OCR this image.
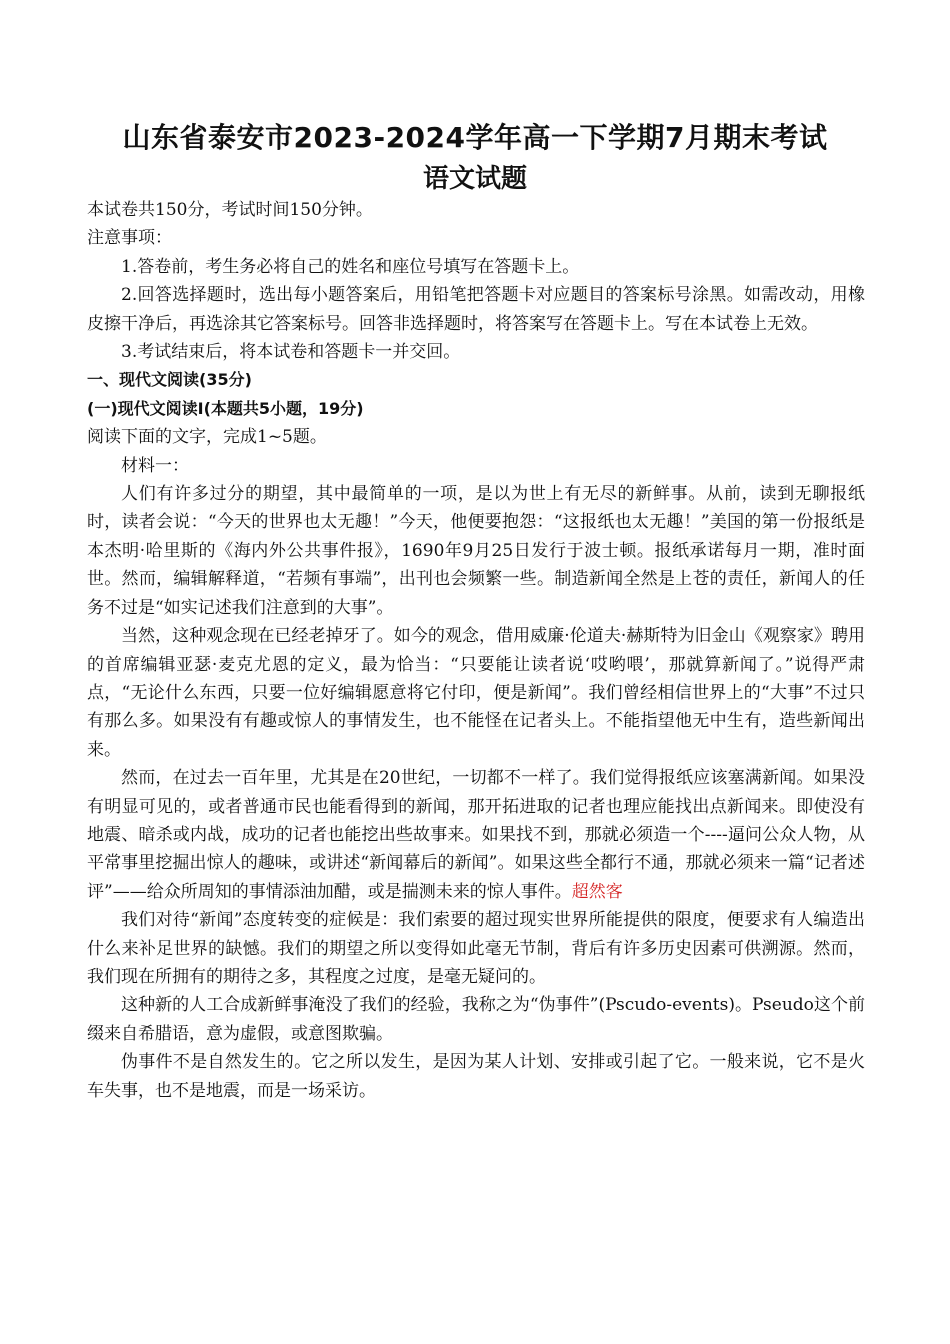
山东省泰安市2023-2024学年高一下学期7月期末考试
语文试题

本试卷共150分，考试时间150分钟。

注意事项：

1.答卷前，考生务必将自己的姓名和座位号填写在答题卡上。

2.回答选择题时，选出每小题答案后，用铅笔把答题卡对应题目的答案标号涂黑。如需改动，用橡皮擦干净后，再选涂其它答案标号。回答非选择题时，将答案写在答题卡上。写在本试卷上无效。

3.考试结束后，将本试卷和答题卡一并交回。

一、现代文阅读(35分)

(一)现代文阅读Ⅰ(本题共5小题，19分)

阅读下面的文字，完成1~5题。

材料一：

人们有许多过分的期望，其中最简单的一项，是以为世上有无尽的新鲜事。从前，读到无聊报纸时，读者会说：“今天的世界也太无趣！”今天，他便要抱怨：“这报纸也太无趣！”美国的第一份报纸是本杰明·哈里斯的《海内外公共事件报》，1690年9月25日发行于波士顿。报纸承诺每月一期，准时面世。然而，编辑解释道，“若频有事端”，出刊也会频繁一些。制造新闻全然是上苍的责任，新闻人的任务不过是“如实记述我们注意到的大事”。

当然，这种观念现在已经老掉牙了。如今的观念，借用威廉·伦道夫·赫斯特为旧金山《观察家》聘用的首席编辑亚瑟·麦克尤恩的定义，最为恰当：“只要能让读者说‘哎哟喂’，那就算新闻了。”说得严肃点，“无论什么东西，只要一位好编辑愿意将它付印，便是新闻”。我们曾经相信世界上的“大事”不过只有那么多。如果没有有趣或惊人的事情发生，也不能怪在记者头上。不能指望他无中生有，造些新闻出来。

然而，在过去一百年里，尤其是在20世纪，一切都不一样了。我们觉得报纸应该塞满新闻。如果没有明显可见的，或者普通市民也能看得到的新闻，那开拓进取的记者也理应能找出点新闻来。即使没有地震、暗杀或内战，成功的记者也能挖出些故事来。如果找不到，那就必须造一个----逼问公众人物，从平常事里挖掘出惊人的趣味，或讲述“新闻幕后的新闻”。如果这些全都行不通，那就必须来一篇“记者述评”——给众所周知的事情添油加醋，或是揣测未来的惊人事件。超然客

我们对待“新闻”态度转变的症候是：我们索要的超过现实世界所能提供的限度，便要求有人编造出什么来补足世界的缺憾。我们的期望之所以变得如此毫无节制，背后有许多历史因素可供溯源。然而，我们现在所拥有的期待之多，其程度之过度，是毫无疑问的。

这种新的人工合成新鲜事淹没了我们的经验，我称之为“伪事件”(Pscudo-events)。Pseudo这个前缀来自希腊语，意为虚假，或意图欺骗。

伪事件不是自然发生的。它之所以发生，是因为某人计划、安排或引起了它。一般来说，它不是火车失事，也不是地震，而是一场采访。
